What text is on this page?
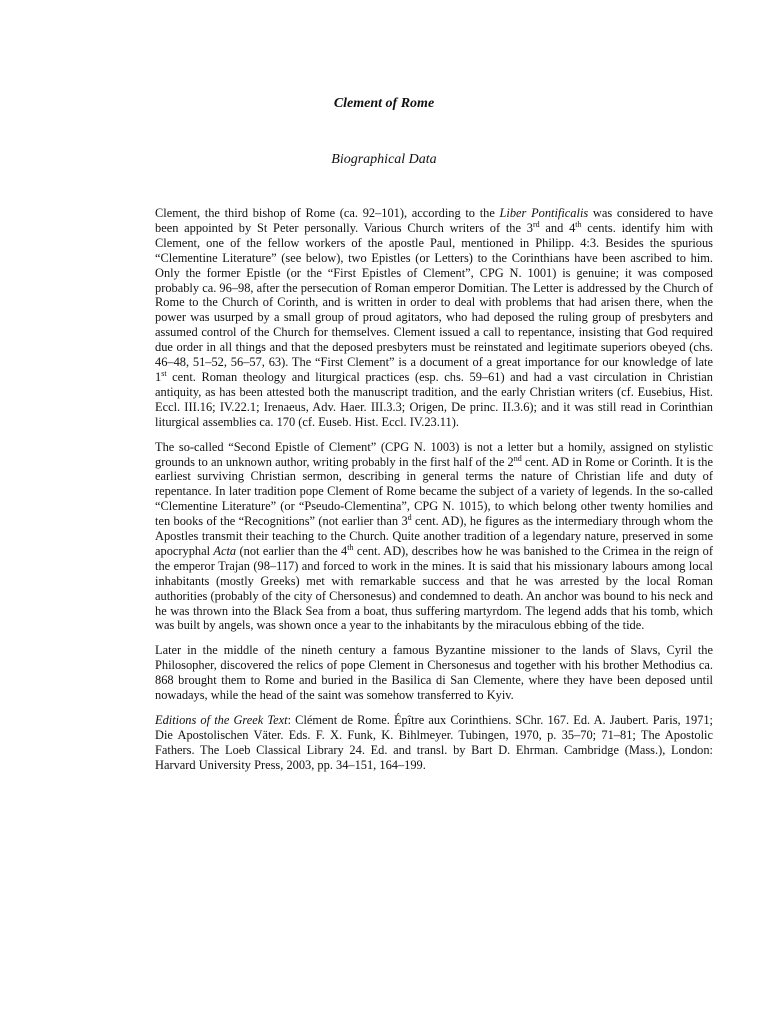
Clement of Rome
Biographical Data

Clement, the third bishop of Rome (ca. 92–101), according to the Liber Pontificalis was considered to have been appointed by St Peter personally. Various Church writers of the 3rd and 4th cents. identify him with Clement, one of the fellow workers of the apostle Paul, mentioned in Philipp. 4:3. Besides the spurious “Clementine Literature” (see below), two Epistles (or Letters) to the Corinthians have been ascribed to him. Only the former Epistle (or the “First Epistles of Clement”, CPG N. 1001) is genuine; it was composed probably ca. 96–98, after the persecution of Roman emperor Domitian. The Letter is addressed by the Church of Rome to the Church of Corinth, and is written in order to deal with problems that had arisen there, when the power was usurped by a small group of proud agitators, who had deposed the ruling group of presbyters and assumed control of the Church for themselves. Clement issued a call to repentance, insisting that God required due order in all things and that the deposed presbyters must be reinstated and legitimate superiors obeyed (chs. 46–48, 51–52, 56–57, 63). The “First Clement” is a document of a great importance for our knowledge of late 1st cent. Roman theology and liturgical practices (esp. chs. 59–61) and had a vast circulation in Christian antiquity, as has been attested both the manuscript tradition, and the early Christian writers (cf. Eusebius, Hist. Eccl. III.16; IV.22.1; Irenaeus, Adv. Haer. III.3.3; Origen, De princ. II.3.6); and it was still read in Corinthian liturgical assemblies ca. 170 (cf. Euseb. Hist. Eccl. IV.23.11).

The so-called “Second Epistle of Clement” (CPG N. 1003) is not a letter but a homily, assigned on stylistic grounds to an unknown author, writing probably in the first half of the 2nd cent. AD in Rome or Corinth. It is the earliest surviving Christian sermon, describing in general terms the nature of Christian life and duty of repentance. In later tradition pope Clement of Rome became the subject of a variety of legends. In the so-called “Clementine Literature” (or “Pseudo-Clementina”, CPG N. 1015), to which belong other twenty homilies and ten books of the “Recognitions” (not earlier than 3$^d$ cent. AD), he figures as the intermediary through whom the Apostles transmit their teaching to the Church. Quite another tradition of a legendary nature, preserved in some apocryphal Acta (not earlier than the 4th cent. AD), describes how he was banished to the Crimea in the reign of the emperor Trajan (98–117) and forced to work in the mines. It is said that his missionary labours among local inhabitants (mostly Greeks) met with remarkable success and that he was arrested by the local Roman authorities (probably of the city of Chersonesus) and condemned to death. An anchor was bound to his neck and he was thrown into the Black Sea from a boat, thus suffering martyrdom. The legend adds that his tomb, which was built by angels, was shown once a year to the inhabitants by the miraculous ebbing of the tide.

Later in the middle of the nineth century a famous Byzantine missioner to the lands of Slavs, Cyril the Philosopher, discovered the relics of pope Clement in Chersonesus and together with his brother Methodius ca. 868 brought them to Rome and buried in the Basilica di San Clemente, where they have been deposed until nowadays, while the head of the saint was somehow transferred to Kyiv.

Editions of the Greek Text: Clément de Rome. Épître aux Corinthiens. SChr. 167. Ed. A. Jaubert. Paris, 1971; Die Apostolischen Väter. Eds. F. X. Funk, K. Bihlmeyer. Tubingen, 1970, p. 35–70; 71–81; The Apostolic Fathers. The Loeb Classical Library 24. Ed. and transl. by Bart D. Ehrman. Cambridge (Mass.), London: Harvard University Press, 2003, pp. 34–151, 164–199.
